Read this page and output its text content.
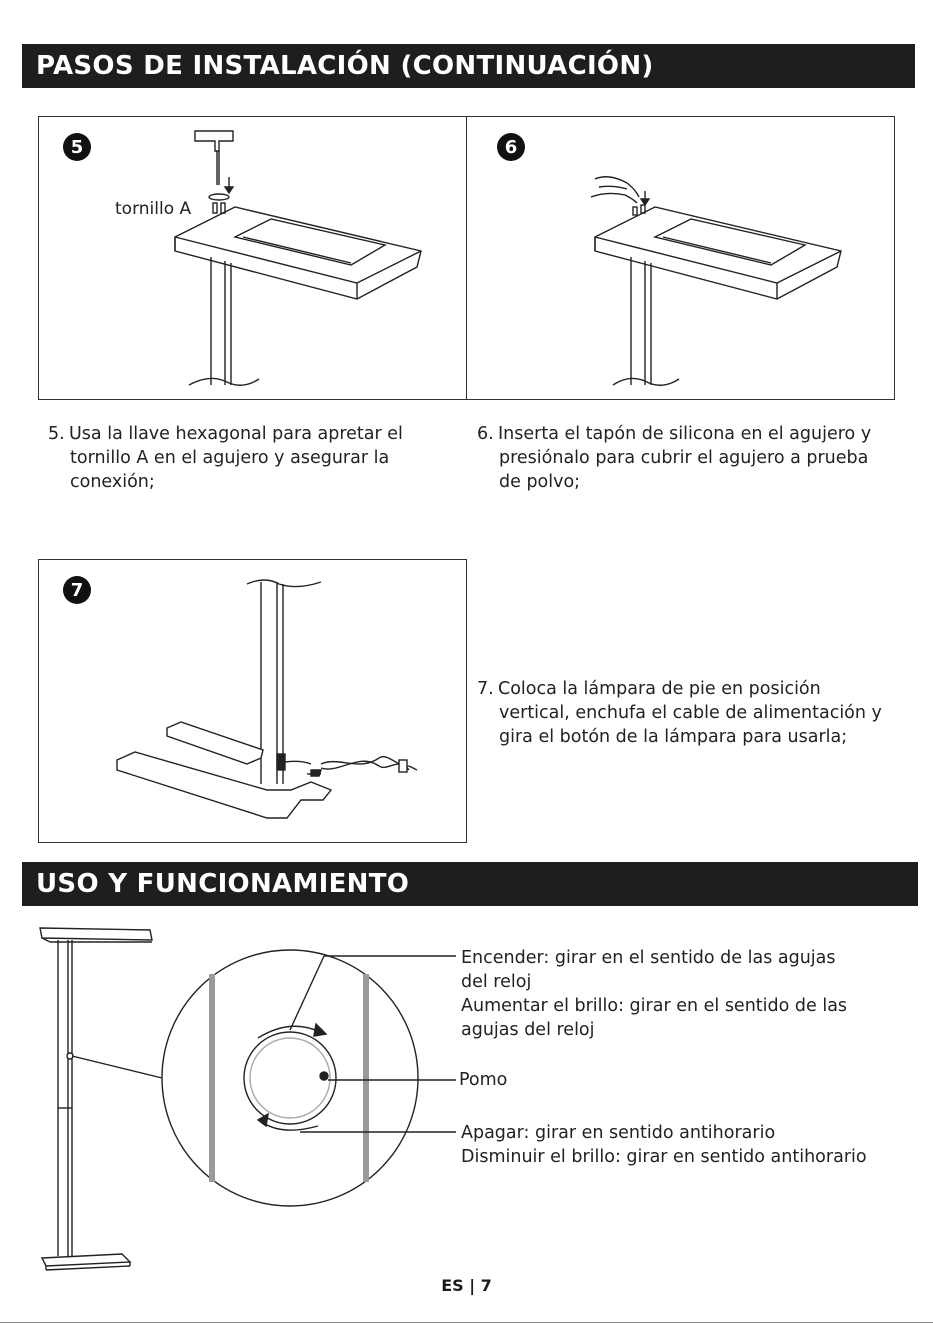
PASOS DE INSTALACIÓN (CONTINUACIÓN)
5
tornillo A
6
5. Usa la llave hexagonal para apretar el
tornillo A en el agujero y asegurar la
conexión;
6. Inserta el tapón de silicona en el agujero y
presiónalo para cubrir el agujero a prueba
de polvo;
7
7. Coloca la lámpara de pie en posición
vertical, enchufa el cable de alimentación y
gira el botón de la lámpara para usarla;
USO Y FUNCIONAMIENTO
Encender: girar en el sentido de las agujas
del reloj
Aumentar el brillo: girar en el sentido de las
agujas del reloj
Pomo
Apagar: girar en sentido antihorario
Disminuir el brillo: girar en sentido antihorario
ES | 7
